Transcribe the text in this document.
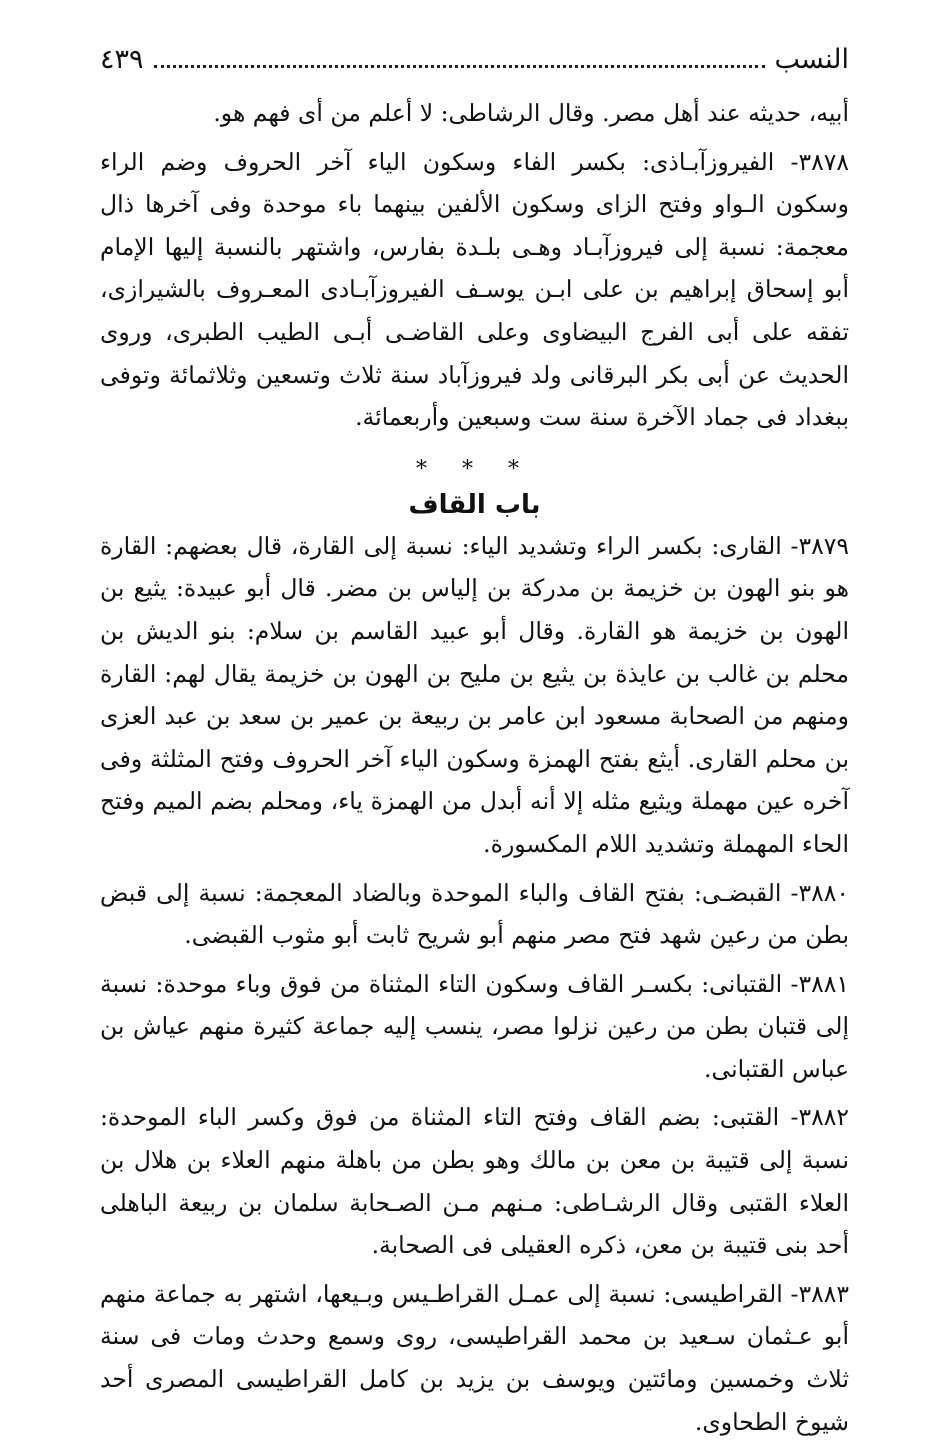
النسب
٤٣٩

أبيه، حديثه عند أهل مصر. وقال الرشاطى: لا أعلم من أى فهم هو.

٣٨٧٨- الفيروزآبـاذى: بكسر الفاء وسكون الياء آخر الحروف وضم الراء وسكون الـواو وفتح الزاى وسكون الألفين بينهما باء موحدة وفى آخرها ذال معجمة: نسبة إلى فيروزآبـاد وهـى بلـدة بفارس، واشتهر بالنسبة إليها الإمام أبو إسحاق إبراهيم بن على ابـن يوسـف الفيروزآبـادى المعـروف بالشيرازى، تفقه على أبى الفرج البيضاوى وعلى القاضـى أبـى الطيب الطبرى، وروى الحديث عن أبى بكر البرقانى ولد فيروزآباد سنة ثلاث وتسعين وثلاثمائة وتوفى ببغداد فى جماد الآخرة سنة ست وسبعين وأربعمائة.

* * *
باب القاف

٣٨٧٩- القارى: بكسر الراء وتشديد الياء: نسبة إلى القارة، قال بعضهم: القارة هو بنو الهون بن خزيمة بن مدركة بن إلياس بن مضر. قال أبو عبيدة: يثيع بن الهون بن خزيمة هو القارة. وقال أبو عبيد القاسم بن سلام: بنو الديش بن محلم بن غالب بن عايذة بن يثيع بن مليح بن الهون بن خزيمة يقال لهم: القارة ومنهم من الصحابة مسعود ابن عامر بن ربيعة بن عمير بن سعد بن عبد العزى بن محلم القارى. أيثع بفتح الهمزة وسكون الياء آخر الحروف وفتح المثلثة وفى آخره عين مهملة ويثيع مثله إلا أنه أبدل من الهمزة ياء، ومحلم بضم الميم وفتح الحاء المهملة وتشديد اللام المكسورة.

٣٨٨٠- القبضـى: بفتح القاف والباء الموحدة وبالضاد المعجمة: نسبة إلى قبض بطن من رعين شهد فتح مصر منهم أبو شريح ثابت أبو مثوب القبضى.

٣٨٨١- القتبانى: بكسـر القاف وسكون التاء المثناة من فوق وباء موحدة: نسبة إلى قتبان بطن من رعين نزلوا مصر، ينسب إليه جماعة كثيرة منهم عياش بن عباس القتبانى.

٣٨٨٢- القتبى: بضم القاف وفتح التاء المثناة من فوق وكسر الباء الموحدة: نسبة إلى قتيبة بن معن بن مالك وهو بطن من باهلة منهم العلاء بن هلال بن العلاء القتبى وقال الرشـاطى: مـنهم مـن الصـحابة سلمان بن ربيعة الباهلى أحد بنى قتيبة بن معن، ذكره العقيلى فى الصحابة.

٣٨٨٣- القراطيسى: نسبة إلى عمـل القراطـيس وبـيعها، اشتهر به جماعة منهم أبو عـثمان سـعيد بن محمد القراطيسى، روى وسمع وحدث ومات فى سنة ثلاث وخمسين ومائتين ويوسف بن يزيد بن كامل القراطيسى المصرى أحد شيوخ الطحاوى.
